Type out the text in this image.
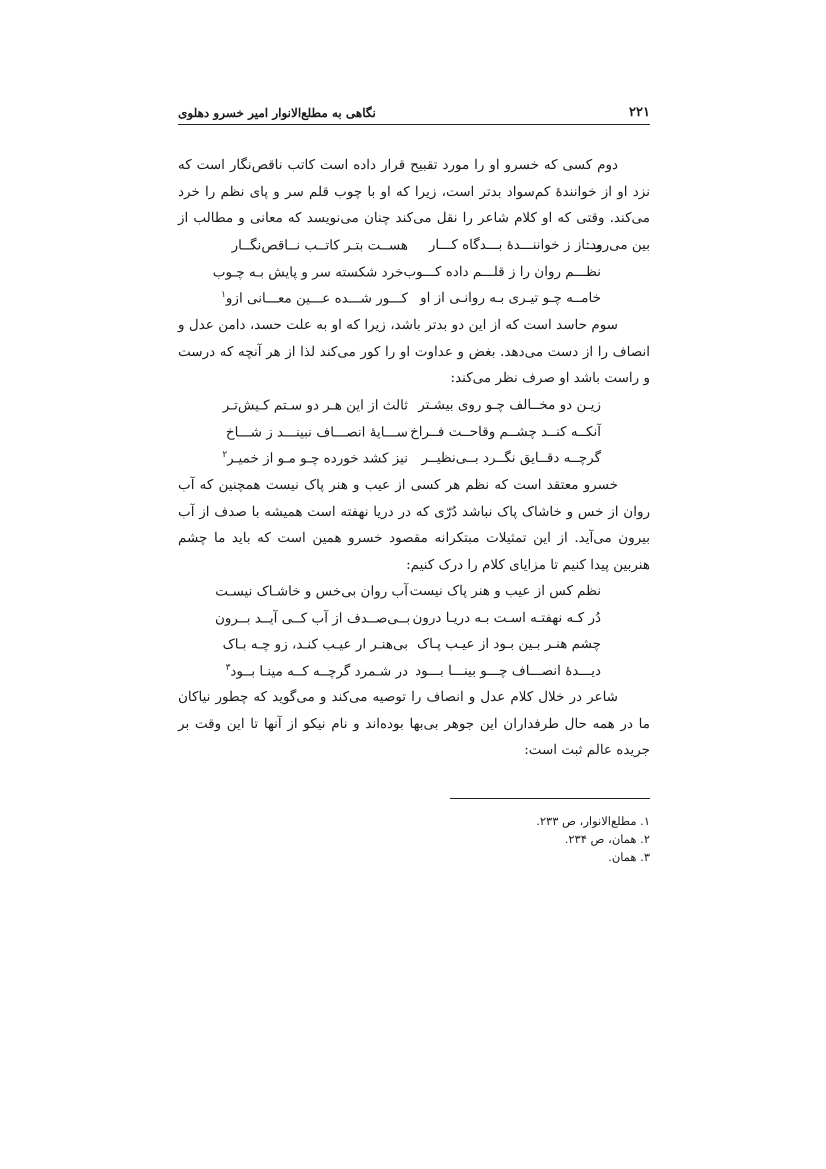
۲۲۱
نگاهی به مطلع‌الانوار امیر خسرو دهلوی

دوم کسی که خسرو او را مورد تقبیح قرار داده است کاتب ناقص‌نگار است که نزد او از خوانندهٔ کم‌سواد بدتر است، زیرا که او با چوب قلم سر و پای نظم را خرد می‌کند. وقتی که او کلام شاعر را نقل می‌کند چنان می‌نویسد که معانی و مطالب از بین می‌رود:

بـــاز ز خواننـــدهٔ بـــدگاه کـــار
هســت بتـر کاتــب نــاقص‌نگــار
نظـــم روان را ز قلـــم داده کـــوب
خرد شکسته سر و پایش بـه چـوب
خامــه چـو تیـری بـه روانـی از او
کـــور شـــده عـــین معـــانی ازو$^۱$

سوم حاسد است که از این دو بدتر باشد، زیرا که او به علت حسد، دامن عدل و انصاف را از دست می‌دهد. بغض و عداوت او را کور می‌کند لذا از هر آنچه که درست و راست باشد او صرف نظر می‌کند:

زیـن دو مخــالف چـو روی بیشـتر
ثالث از این هـر دو سـتم کـیش‌تـر
آنکــه کنــد چشــم وقاحــت فــراخ
ســـایهٔ انصـــاف نبینـــد ز شـــاخ
گرچــه دقــایق نگــرد بــی‌نظیــر
نیز کشد خورده چـو مـو از خمیـر$^۲$

خسرو معتقد است که نظم هر کسی از عیب و هنر پاک نیست همچنین که آب روان از خس و خاشاک پاک نباشد دُرّی که در دریا نهفته است همیشه با صدف از آب بیرون می‌آید. از این تمثیلات مبتکرانه مقصود خسرو همین است که باید ما چشم هنربین پیدا کنیم تا مزایای کلام را درک کنیم:

نظم کس از عیب و هنر پاک نیست
آب روان بی‌خس و خاشـاک نیسـت
دُر کـه نهفتـه اسـت بـه دریـا درون
بــی‌صــدف از آب کــی آیــد بــرون
چشم هنـر بـین بـود از عیـب پـاک
بی‌هنـر ار عیـب کنـد، زو چـه بـاک
دیـــدهٔ انصـــاف چـــو بینـــا بـــود
در شـمرد گرچــه کــه مینـا بــود$^۳$

شاعر در خلال کلام عدل و انصاف را توصیه می‌کند و می‌گوید که چطور نیاکان ما در همه حال طرفداران این جوهر بی‌بها بوده‌اند و نام نیکو از آنها تا این وقت بر جریده عالم ثبت است:

۱. مطلع‌الانوار، ص ۲۳۳.
۲. همان، ص ۲۳۴.
۳. همان.
